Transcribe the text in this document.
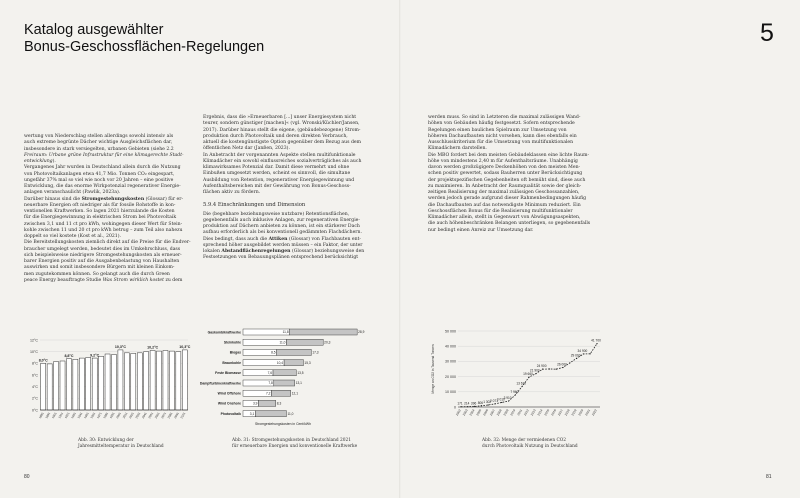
Katalog ausgewählter
Bonus-Geschossflächen-Regelungen	5

wertung von Niederschlag stellen allerdings sowohl intensiv als

auch extreme begrünte Dächer wichtige Ausgleichsflächen dar,

insbesondere in stark versiegelten, urbanen Gebieten (siehe 2.2

Freiraum: Urbane grüne Infrastruktur für eine klimagerechte Stadt-

entwicklung).

Vergangenes Jahr wurden in Deutschland allein durch die Nutzung

von Photovoltaikanlagen etwa 41,7 Mio. Tonnen CO₂ eingespart,

ungefähr 37% mal so viel wie noch vor 20 Jahren – eine positive

Entwicklung, die das enorme Wirkpotenzial regenerativer Energie-

anlagen veranschaulicht (Pawlik, 2023a).

Darüber hinaus sind die Stromgestehungskosten (Glossar) für er-

neuerbare Energien oft niedriger als für fossile Rohstoffe in kon-

ventionellen Kraftwerken. So lagen 2021 hierzulande die Kosten

für die Energiegewinnung in elektrischen Strom bei Photovoltaik

zwischen 3,1 und 11 ct pro kWh, wohingegen dieser Wert für Stein-

kohle zwischen 11 und 20 ct pro kWh betrug – zum Teil also nahezu

doppelt so viel kostete (Kost et al., 2021).

Die Bereitstellungskosten ziemlich direkt auf die Preise für die Endver-

braucher umgelegt werden, bedeutet dies im Umkehrschluss, dass

sich beispielsweise niedrigere Stromgestehungskosten als erneuer-

barer Energien positiv auf die Ausgabenbelastung von Haushalten

auswirken und somit insbesondere Bürgern mit kleinen Einkom-

men zugutekommen können. So gelangt auch die durch Green

peace Energy beauftragte Studie Was Strom wirklich kostet zu dem

Ergebnis, dass die »Erneuerbaren [...] unser Energiesystem nicht

teurer, sondern günstiger [machen]« (vgl. Wronski/Küchler/Jansen,

2017). Darüber hinaus stellt die eigene, (gebäudebezogene) Strom-

produktion durch Photovoltaik und deren direkten Verbrauch,

aktuell die kostengünstigste Option gegenüber dem Bezug aus dem

öffentlichen Netz dar (Janßen, 2023).

In Anbetracht der vorgenannten Aspekte stellen multifunktionale

Klimadächer ein sowohl einflussreiches sozialverträgliches als auch

klimawirksames Potenzial dar. Damit diese vermehrt und ohne

Einbußen umgesetzt werden, scheint es sinnvoll, die simultane

Ausbildung von Retention, regenerativer Energiegewinnung und

Aufenthaltsbereichen mit der Gewährung von Bonus-Geschoss-

flächen aktiv zu fördern.

5.9.4 Einschränkungen und Dimension

Die (begehbare beziehungsweise nutzbare) Retentionsflächen,

gegebenenfalls auch inklusive Anlagen, zur regenerativen Energie-

produktion auf Dächern anbieten zu können, ist ein stärkerer Dach

aufbau erforderlich als bei konventionell gedämmten Flachdächern.

Dies bedingt, dass auch die Attiken (Glossar) von Flachbauten ent-

sprechend höher ausgebildet werden müssen – ein Faktor, der unter

lokalen Abstandflächenregelungen (Glossar) beziehungsweise den

Festsetzungen von Bebauungsplänen entsprechend berücksichtigt

werden muss. So sind in Letzteren die maximal zulässigen Wand-

höhen von Gebäuden häufig festgesetzt. Sofern entsprechende

Regelungen einen baulichen Spielraum zur Umsetzung von

höheren Dachaufbauten nicht vorsehen, kann dies ebenfalls ein

Ausschlusskriterium für die Umsetzung von multifunktionalen

Klimadächern darstellen.

Die MBO fordert bei dem meisten Gebäudeklassen eine lichte Raum-

höhe von mindestens 2,40 m für Aufenthaltsräume. Unabhängig

davon werden großzügigere Deckenhöhen von den meisten Men-

schen positiv gewertet, sodass Bauherren unter Berücksichtigung

der projektspezifischen Gegebenheiten oft bemüht sind, diese auch

zu maximieren. In Anbetracht der Raumqualität sowie der gleich-

zeitigen Realisierung der maximal zulässigen Geschossanzahlen,

werden jedoch gerade aufgrund dieser Rahmenbedingungen häufig

die Dachaufbauten auf das notwendigste Minimum reduziert. Ein

Geschossflächen Bonus für die Realisierung multifunktionaler

Klimadächer allein, stellt in Gegenwart von Abwägungsaspekten,

die auch höhenbeschränken Belangen unterliegen, so gegebenenfalls

nur bedingt einen Anreiz zur Umsetzung dar.

0°C
2°C
4°C
6°C
8°C
10°C
12°C
1881 1891 1901 1911 1921 1931 1941 1951 1961 1971 1981 1991 2001 2011 2021 2031 2041 2051 2061 2071 2081 2091 2101
8,0°C
8,8°C	9,2°C
10,3°C	10,2°C	10,3°C
Abb. 30: Entwicklung der
Jahresmitteltemperatur in Deutschland
Gaskombikraftwerke	11,8	28,9
Steinkohle	11,0	20,3
Biogas	8,5	17,3
Braunkohle	10,4	15,3
Feste Biomasse	7,6	13,5
Dampfturbinenkraftwerke	7,8	13,1
Wind Offshore	7,2	12,1
Wind Onshore	3,9	8,3
Photovoltaik	3,1	11,0
Stromgestehungskosten in Cent/kWh
Abb. 31: Stromgestehungskosten in Deutschland 2021
für erneuerbare Energien und konventionelle Kraftwerke
0
10 000
20 000
30 000
40 000
50 000
Menge an CO2 in Tausend Tonnen
171
2002
214
2003
396
2004
806
2005
1 302
2006
2 071
2007
3 010
2008
3 910
2009
7 960
2010
13 610
2011
19 660
2012
21 900
2013
24 900
2014 2015 2016
26 000
2017 2018
29 000
2019
34 900
2020 2021
41 700
2022
Abb. 32: Menge der vermiedenen CO2
durch Photovoltaik Nutzung in Deutschland
80	81
